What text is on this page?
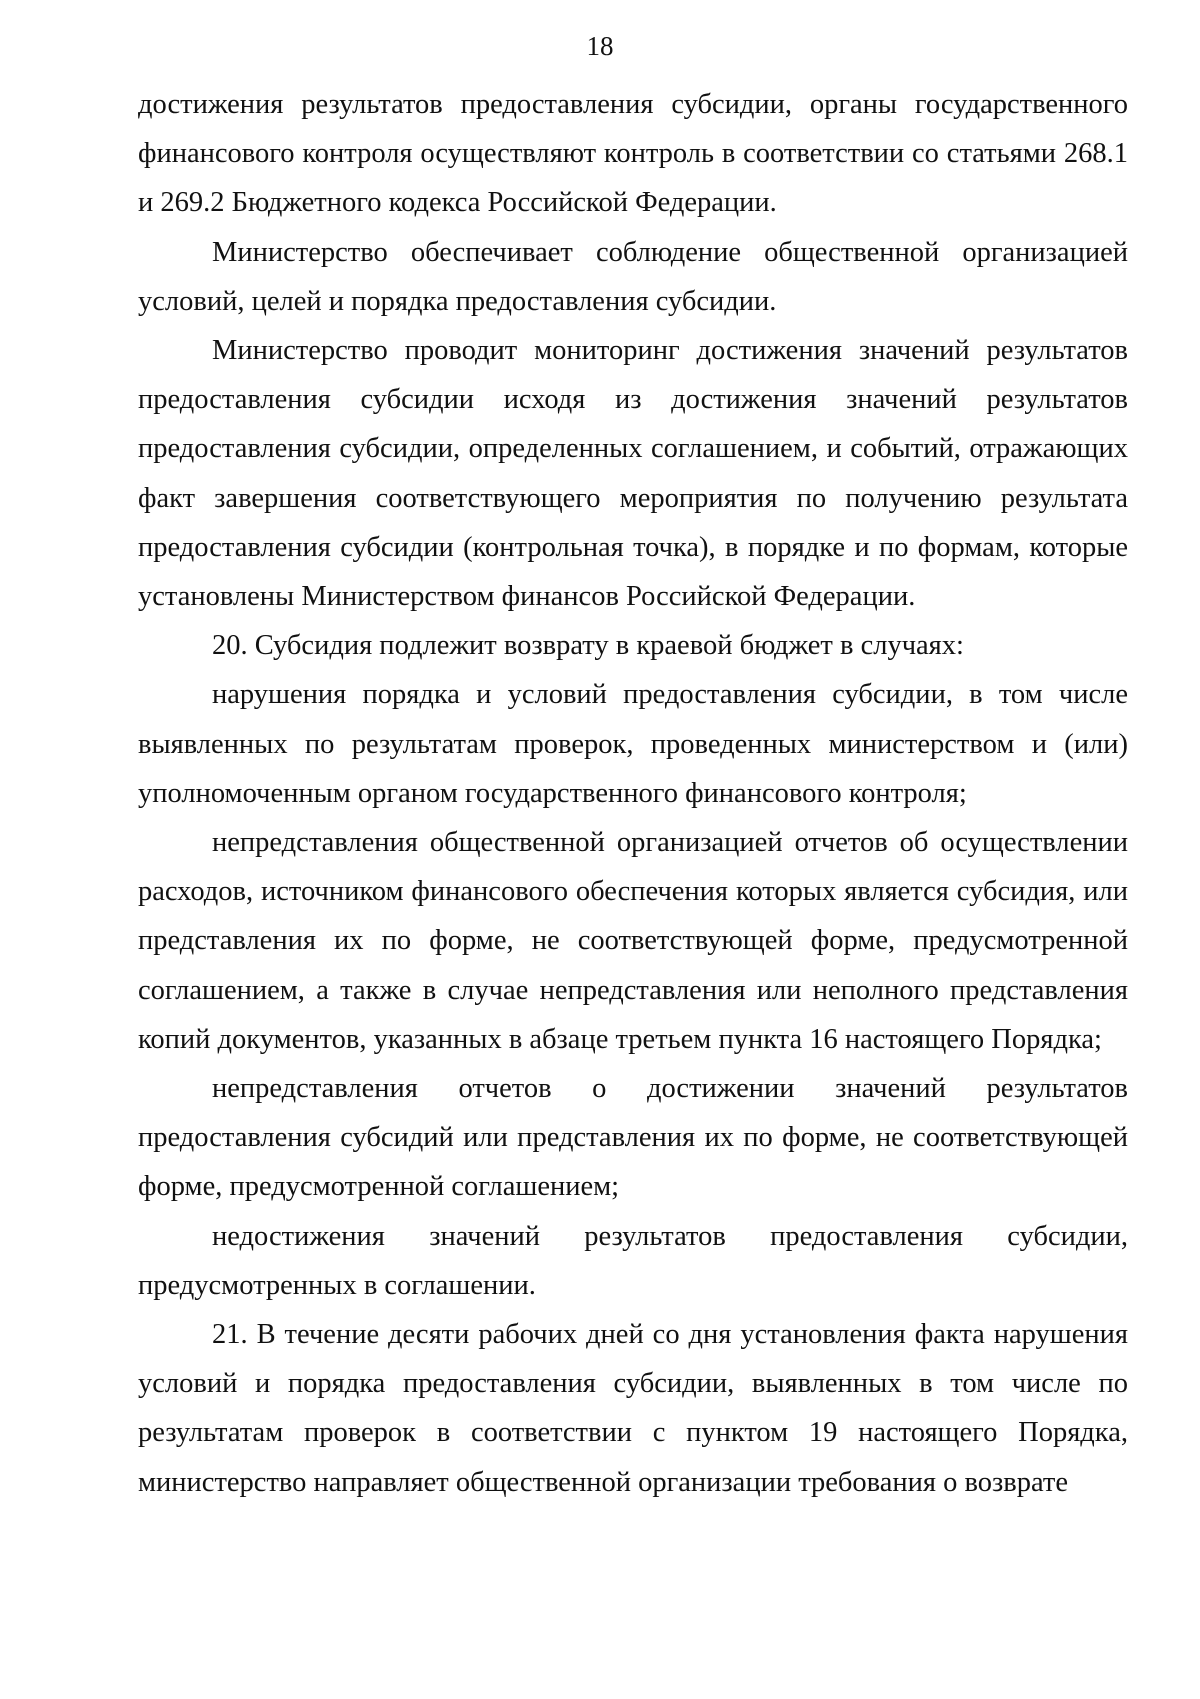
18

достижения результатов предоставления субсидии, органы государственного финансового контроля осуществляют контроль в соответствии со статьями 268.1 и 269.2 Бюджетного кодекса Российской Федерации.

Министерство обеспечивает соблюдение общественной организацией условий, целей и порядка предоставления субсидии.

Министерство проводит мониторинг достижения значений результатов предоставления субсидии исходя из достижения значений результатов предоставления субсидии, определенных соглашением, и событий, отражающих факт завершения соответствующего мероприятия по получению результата предоставления субсидии (контрольная точка), в порядке и по формам, которые установлены Министерством финансов Российской Федерации.

20. Субсидия подлежит возврату в краевой бюджет в случаях:

нарушения порядка и условий предоставления субсидии, в том числе выявленных по результатам проверок, проведенных министерством и (или) уполномоченным органом государственного финансового контроля;

непредставления общественной организацией отчетов об осуществлении расходов, источником финансового обеспечения которых является субсидия, или представления их по форме, не соответствующей форме, предусмотренной соглашением, а также в случае непредставления или неполного представления копий документов, указанных в абзаце третьем пункта 16 настоящего Порядка;

непредставления отчетов о достижении значений результатов предоставления субсидий или представления их по форме, не соответствующей форме, предусмотренной соглашением;

недостижения значений результатов предоставления субсидии, предусмотренных в соглашении.

21. В течение десяти рабочих дней со дня установления факта нарушения условий и порядка предоставления субсидии, выявленных в том числе по результатам проверок в соответствии с пунктом 19 настоящего Порядка, министерство направляет общественной организации требования о возврате
